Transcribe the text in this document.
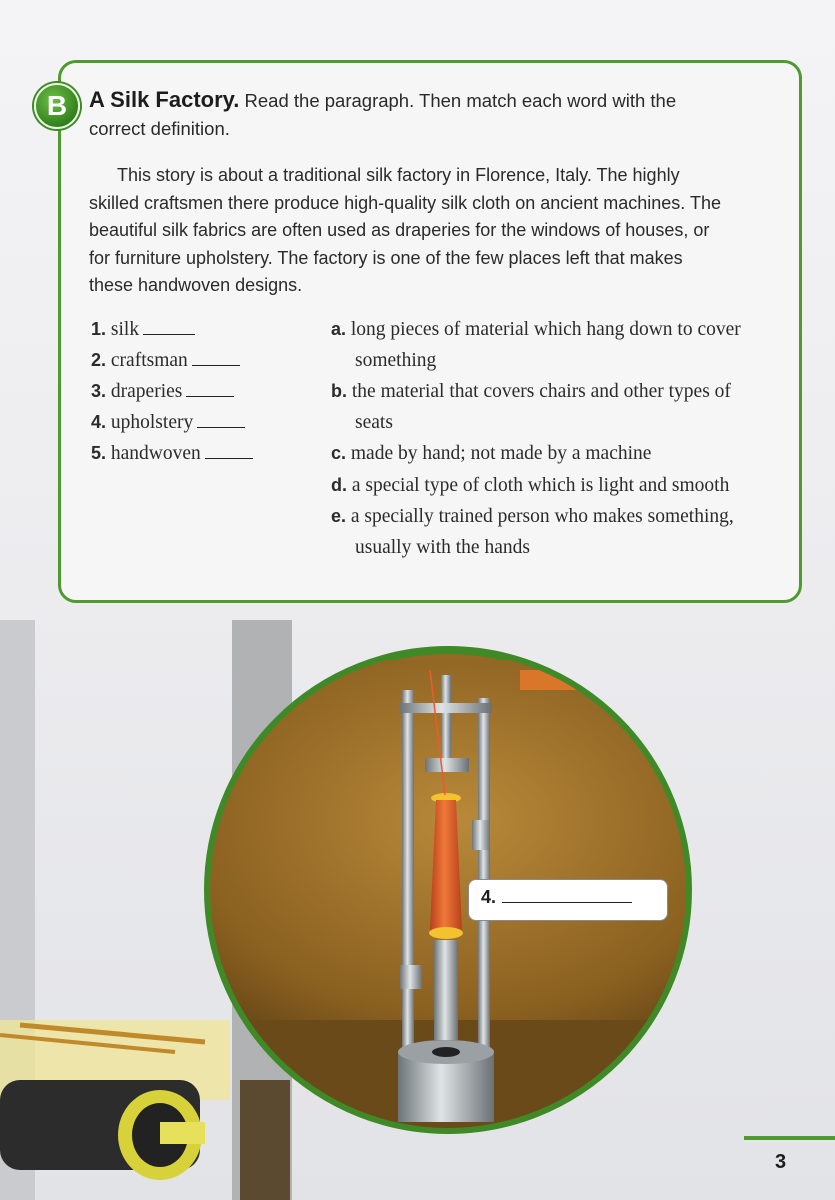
4.
B A Silk Factory. Read the paragraph. Then match each word with the correct definition.
This story is about a traditional silk factory in Florence, Italy. The highly skilled craftsmen there produce high-quality silk cloth on ancient machines. The beautiful silk fabrics are often used as draperies for the windows of houses, or for furniture upholstery. The factory is one of the few places left that makes these handwoven designs.
1. silk
2. craftsman
3. draperies
4. upholstery
5. handwoven
a. long pieces of material which hang down to cover something
b. the material that covers chairs and other types of seats
c. made by hand; not made by a machine
d. a special type of cloth which is light and smooth
e. a specially trained person who makes something, usually with the hands
3
